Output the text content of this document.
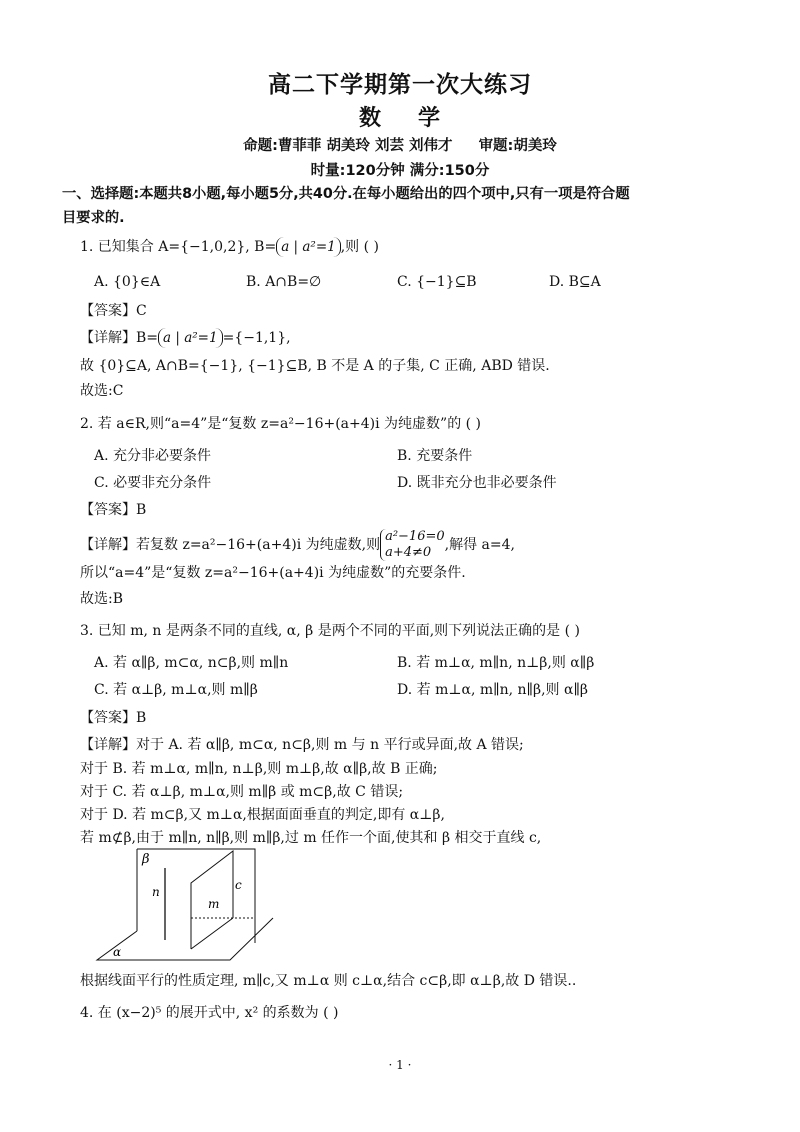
高二下学期第一次大练习
数 学
命题:曹菲菲 胡美玲 刘芸 刘伟才 审题:胡美玲
时量:120分钟 满分:150分
一、选择题:本题共8小题,每小题5分,共40分.在每小题给出的四个项中,只有一项是符合题
目要求的.
1. 已知集合 A={−1,0,2}, B= a | a²=1 ,则 ( )
A. {0}∈A	B. A∩B=∅	C. {−1}⊆B	D. B⊆A
【答案】C
【详解】B= a | a²=1 ={−1,1},
故 {0}⊆A, A∩B={−1}, {−1}⊆B, B 不是 A 的子集, C 正确, ABD 错误.
故选:C
2. 若 a∈R,则“a=4”是“复数 z=a²−16+(a+4)i 为纯虚数”的 ( )
A. 充分非必要条件	B. 充要条件
C. 必要非充分条件	D. 既非充分也非必要条件
【答案】B
【详解】若复数 z=a²−16+(a+4)i 为纯虚数,则a²−16=0
a+4≠0 ,解得 a=4,
所以“a=4”是“复数 z=a²−16+(a+4)i 为纯虚数”的充要条件.
故选:B
3. 已知 m, n 是两条不同的直线, α, β 是两个不同的平面,则下列说法正确的是 ( )
A. 若 α∥β, m⊂α, n⊂β,则 m∥n	B. 若 m⊥α, m∥n, n⊥β,则 α∥β
C. 若 α⊥β, m⊥α,则 m∥β	D. 若 m⊥α, m∥n, n∥β,则 α∥β
【答案】B
【详解】对于 A. 若 α∥β, m⊂α, n⊂β,则 m 与 n 平行或异面,故 A 错误;
对于 B. 若 m⊥α, m∥n, n⊥β,则 m⊥β,故 α∥β,故 B 正确;
对于 C. 若 α⊥β, m⊥α,则 m∥β 或 m⊂β,故 C 错误;
对于 D. 若 m⊂β,又 m⊥α,根据面面垂直的判定,即有 α⊥β,
若 m⊄β,由于 m∥n, n∥β,则 m∥β,过 m 任作一个面,使其和 β 相交于直线 c,
β
n
m
c
α
根据线面平行的性质定理, m∥c,又 m⊥α 则 c⊥α,结合 c⊂β,即 α⊥β,故 D 错误..
4. 在 (x−2)⁵ 的展开式中, x² 的系数为 ( )
· 1 ·
